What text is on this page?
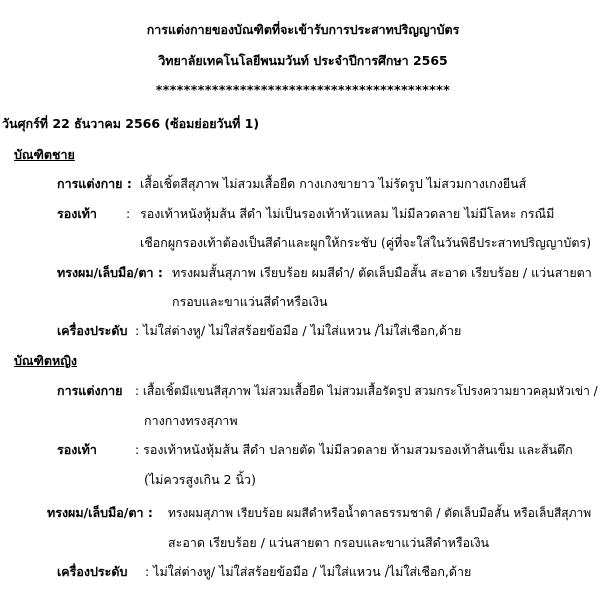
การแต่งกายของบัณฑิตที่จะเข้ารับการประสาทปริญญาบัตร
วิทยาลัยเทคโนโลยีพนมวันท์ ประจำปีการศึกษา 2565
******************************************
วันศุกร์ที่ 22 ธันวาคม 2566 (ซ้อมย่อยวันที่ 1)
บัณฑิตชาย
การแต่งกาย : เสื้อเชิ้ตสีสุภาพ ไม่สวมเสื้อยืด กางเกงขายาว ไม่รัดรูป ไม่สวมกางเกงยีนส์
รองเท้า : รองเท้าหนังหุ้มส้น สีดำ ไม่เป็นรองเท้าหัวแหลม ไม่มีลวดลาย ไม่มีโลหะ กรณีมี
เชือกผูกรองเท้าต้องเป็นสีดำและผูกให้กระชับ (คู่ที่จะใส่ในวันพิธีประสาทปริญญาบัตร)
ทรงผม/เล็บมือ/ตา : ทรงผมสั้นสุภาพ เรียบร้อย ผมสีดำ/ ตัดเล็บมือสั้น สะอาด เรียบร้อย / แว่นสายตา
กรอบและขาแว่นสีดำหรือเงิน
เครื่องประดับ : ไม่ใส่ต่างหู/ ไม่ใส่สร้อยข้อมือ / ไม่ใส่แหวน /ไม่ใส่เชือก,ด้าย
บัณฑิตหญิง
การแต่งกาย : เสื้อเชิ้ตมีแขนสีสุภาพ ไม่สวมเสื้อยืด ไม่สวมเสื้อรัดรูป สวมกระโปรงความยาวคลุมหัวเข่า /
กางกางทรงสุภาพ
รองเท้า	: รองเท้าหนังหุ้มส้น สีดำ ปลายตัด ไม่มีลวดลาย ห้ามสวมรองเท้าส้นเข็ม และส้นตึก
(ไม่ควรสูงเกิน 2 นิ้ว)
ทรงผม/เล็บมือ/ตา : ทรงผมสุภาพ เรียบร้อย ผมสีดำหรือน้ำตาลธรรมชาติ / ตัดเล็บมือสั้น หรือเล็บสีสุภาพ
สะอาด เรียบร้อย / แว่นสายตา กรอบและขาแว่นสีดำหรือเงิน
เครื่องประดับ : ไม่ใส่ต่างหู/ ไม่ใส่สร้อยข้อมือ / ไม่ใส่แหวน /ไม่ใส่เชือก,ด้าย
